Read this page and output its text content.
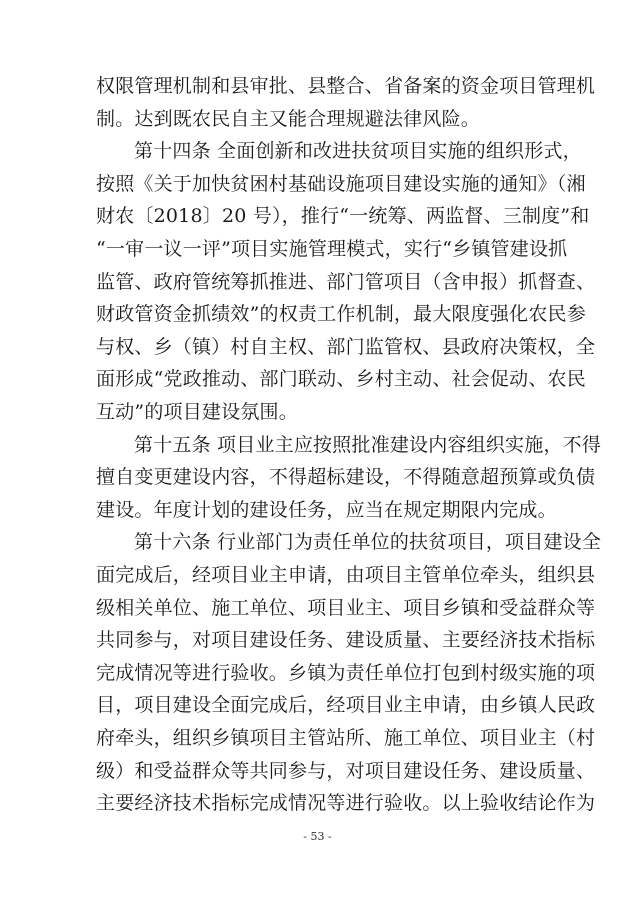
权限管理机制和县审批、县整合、省备案的资金项目管理机
制。达到既农民自主又能合理规避法律风险。
第十四条 全面创新和改进扶贫项目实施的组织形式，
按照《关于加快贫困村基础设施项目建设实施的通知》（湘
财农〔2018〕20 号），推行“一统筹、两监督、三制度”和
“一审一议一评”项目实施管理模式，实行“乡镇管建设抓
监管、政府管统筹抓推进、部门管项目（含申报）抓督查、
财政管资金抓绩效”的权责工作机制，最大限度强化农民参
与权、乡（镇）村自主权、部门监管权、县政府决策权，全
面形成“党政推动、部门联动、乡村主动、社会促动、农民
互动”的项目建设氛围。
第十五条 项目业主应按照批准建设内容组织实施，不得
擅自变更建设内容，不得超标建设，不得随意超预算或负债
建设。年度计划的建设任务，应当在规定期限内完成。
第十六条 行业部门为责任单位的扶贫项目，项目建设全
面完成后，经项目业主申请，由项目主管单位牵头，组织县
级相关单位、施工单位、项目业主、项目乡镇和受益群众等
共同参与，对项目建设任务、建设质量、主要经济技术指标
完成情况等进行验收。乡镇为责任单位打包到村级实施的项
目，项目建设全面完成后，经项目业主申请，由乡镇人民政
府牵头，组织乡镇项目主管站所、施工单位、项目业主（村
级）和受益群众等共同参与，对项目建设任务、建设质量、
主要经济技术指标完成情况等进行验收。以上验收结论作为
- 53 -
